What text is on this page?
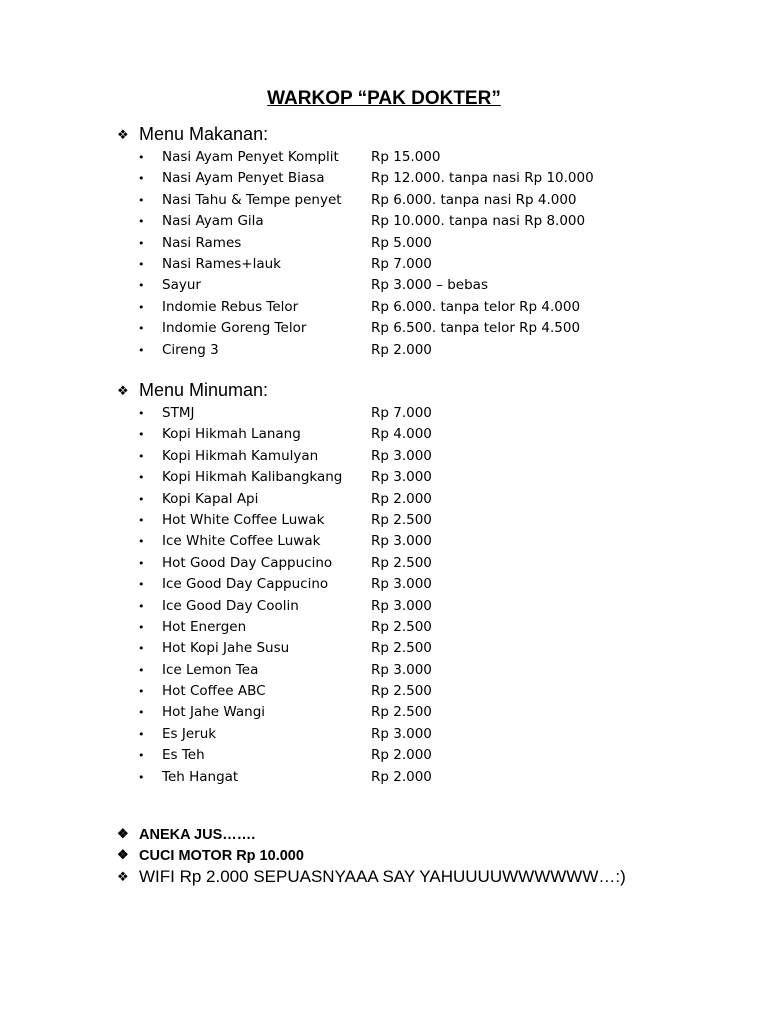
WARKOP “PAK DOKTER”
❖ Menu Makanan:
• Nasi Ayam Penyet Komplit Rp 15.000
• Nasi Ayam Penyet Biasa	Rp 12.000. tanpa nasi Rp 10.000
• Nasi Tahu & Tempe penyet Rp 6.000. tanpa nasi Rp 4.000
• Nasi Ayam Gila	Rp 10.000. tanpa nasi Rp 8.000
• Nasi Rames	Rp 5.000
• Nasi Rames+lauk	Rp 7.000
• Sayur	Rp 3.000 – bebas
• Indomie Rebus Telor	Rp 6.000. tanpa telor Rp 4.000
• Indomie Goreng Telor	Rp 6.500. tanpa telor Rp 4.500
• Cireng 3	Rp 2.000
❖ Menu Minuman:
• STMJ	Rp 7.000
• Kopi Hikmah Lanang	Rp 4.000
• Kopi Hikmah Kamulyan	Rp 3.000
• Kopi Hikmah Kalibangkang Rp 3.000
• Kopi Kapal Api	Rp 2.000
• Hot White Coffee Luwak	Rp 2.500
• Ice White Coffee Luwak	Rp 3.000
• Hot Good Day Cappucino	Rp 2.500
• Ice Good Day Cappucino	Rp 3.000
• Ice Good Day Coolin	Rp 3.000
• Hot Energen	Rp 2.500
• Hot Kopi Jahe Susu	Rp 2.500
• Ice Lemon Tea	Rp 3.000
• Hot Coffee ABC	Rp 2.500
• Hot Jahe Wangi	Rp 2.500
• Es Jeruk	Rp 3.000
• Es Teh	Rp 2.000
• Teh Hangat	Rp 2.000
❖ ANEKA JUS…….
❖ CUCI MOTOR Rp 10.000
❖ WIFI Rp 2.000 SEPUASNYAAA SAY YAHUUUUWWWWWW…:)
